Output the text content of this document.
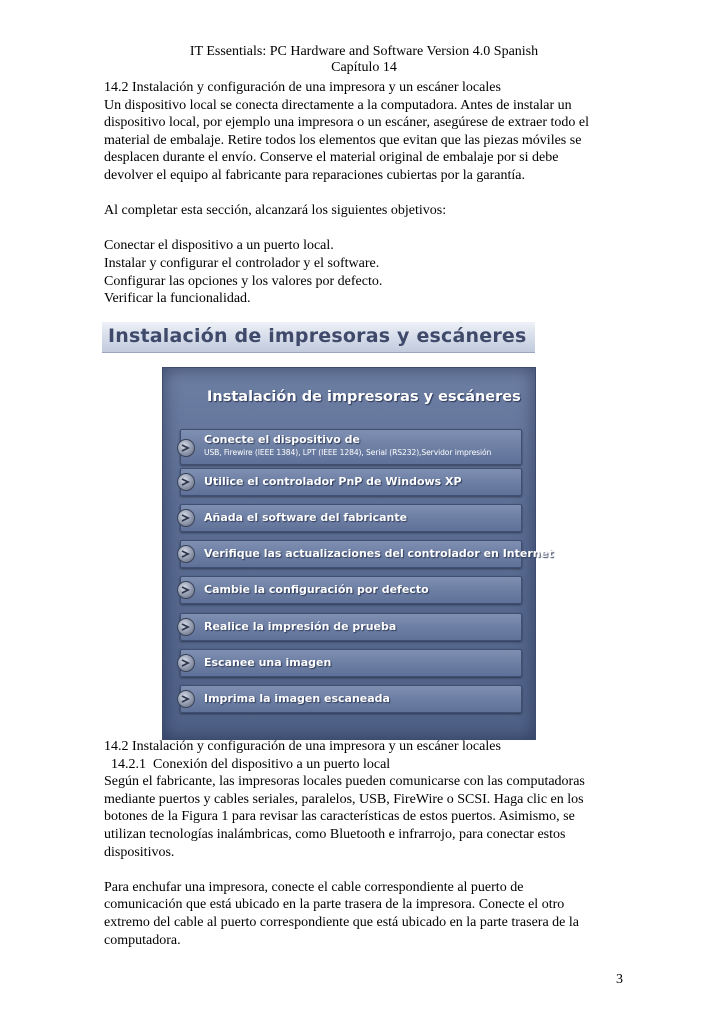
IT Essentials: PC Hardware and Software Version 4.0 Spanish
Capítulo 14

14.2 Instalación y configuración de una impresora y un escáner locales

Un dispositivo local se conecta directamente a la computadora. Antes de instalar un

dispositivo local, por ejemplo una impresora o un escáner, asegúrese de extraer todo el

material de embalaje. Retire todos los elementos que evitan que las piezas móviles se

desplacen durante el envío. Conserve el material original de embalaje por si debe

devolver el equipo al fabricante para reparaciones cubiertas por la garantía.

Al completar esta sección, alcanzará los siguientes objetivos:

Conectar el dispositivo a un puerto local.

Instalar y configurar el controlador y el software.

Configurar las opciones y los valores por defecto.

Verificar la funcionalidad.

Instalación de impresoras y escáneres
Instalación de impresoras y escáneres
Conecte el dispositivo de
USB, Firewire (IEEE 1384), LPT (IEEE 1284), Serial (RS232),Servidor impresión
Utilice el controlador PnP de Windows XP
Añada el software del fabricante
Verifique las actualizaciones del controlador en Internet
Cambie la configuración por defecto
Realice la impresión de prueba
Escanee una imagen
Imprima la imagen escaneada

14.2 Instalación y configuración de una impresora y un escáner locales

14.2.1  Conexión del dispositivo a un puerto local

Según el fabricante, las impresoras locales pueden comunicarse con las computadoras

mediante puertos y cables seriales, paralelos, USB, FireWire o SCSI. Haga clic en los

botones de la Figura 1 para revisar las características de estos puertos. Asimismo, se

utilizan tecnologías inalámbricas, como Bluetooth e infrarrojo, para conectar estos

dispositivos.

Para enchufar una impresora, conecte el cable correspondiente al puerto de

comunicación que está ubicado en la parte trasera de la impresora. Conecte el otro

extremo del cable al puerto correspondiente que está ubicado en la parte trasera de la

computadora.

3
